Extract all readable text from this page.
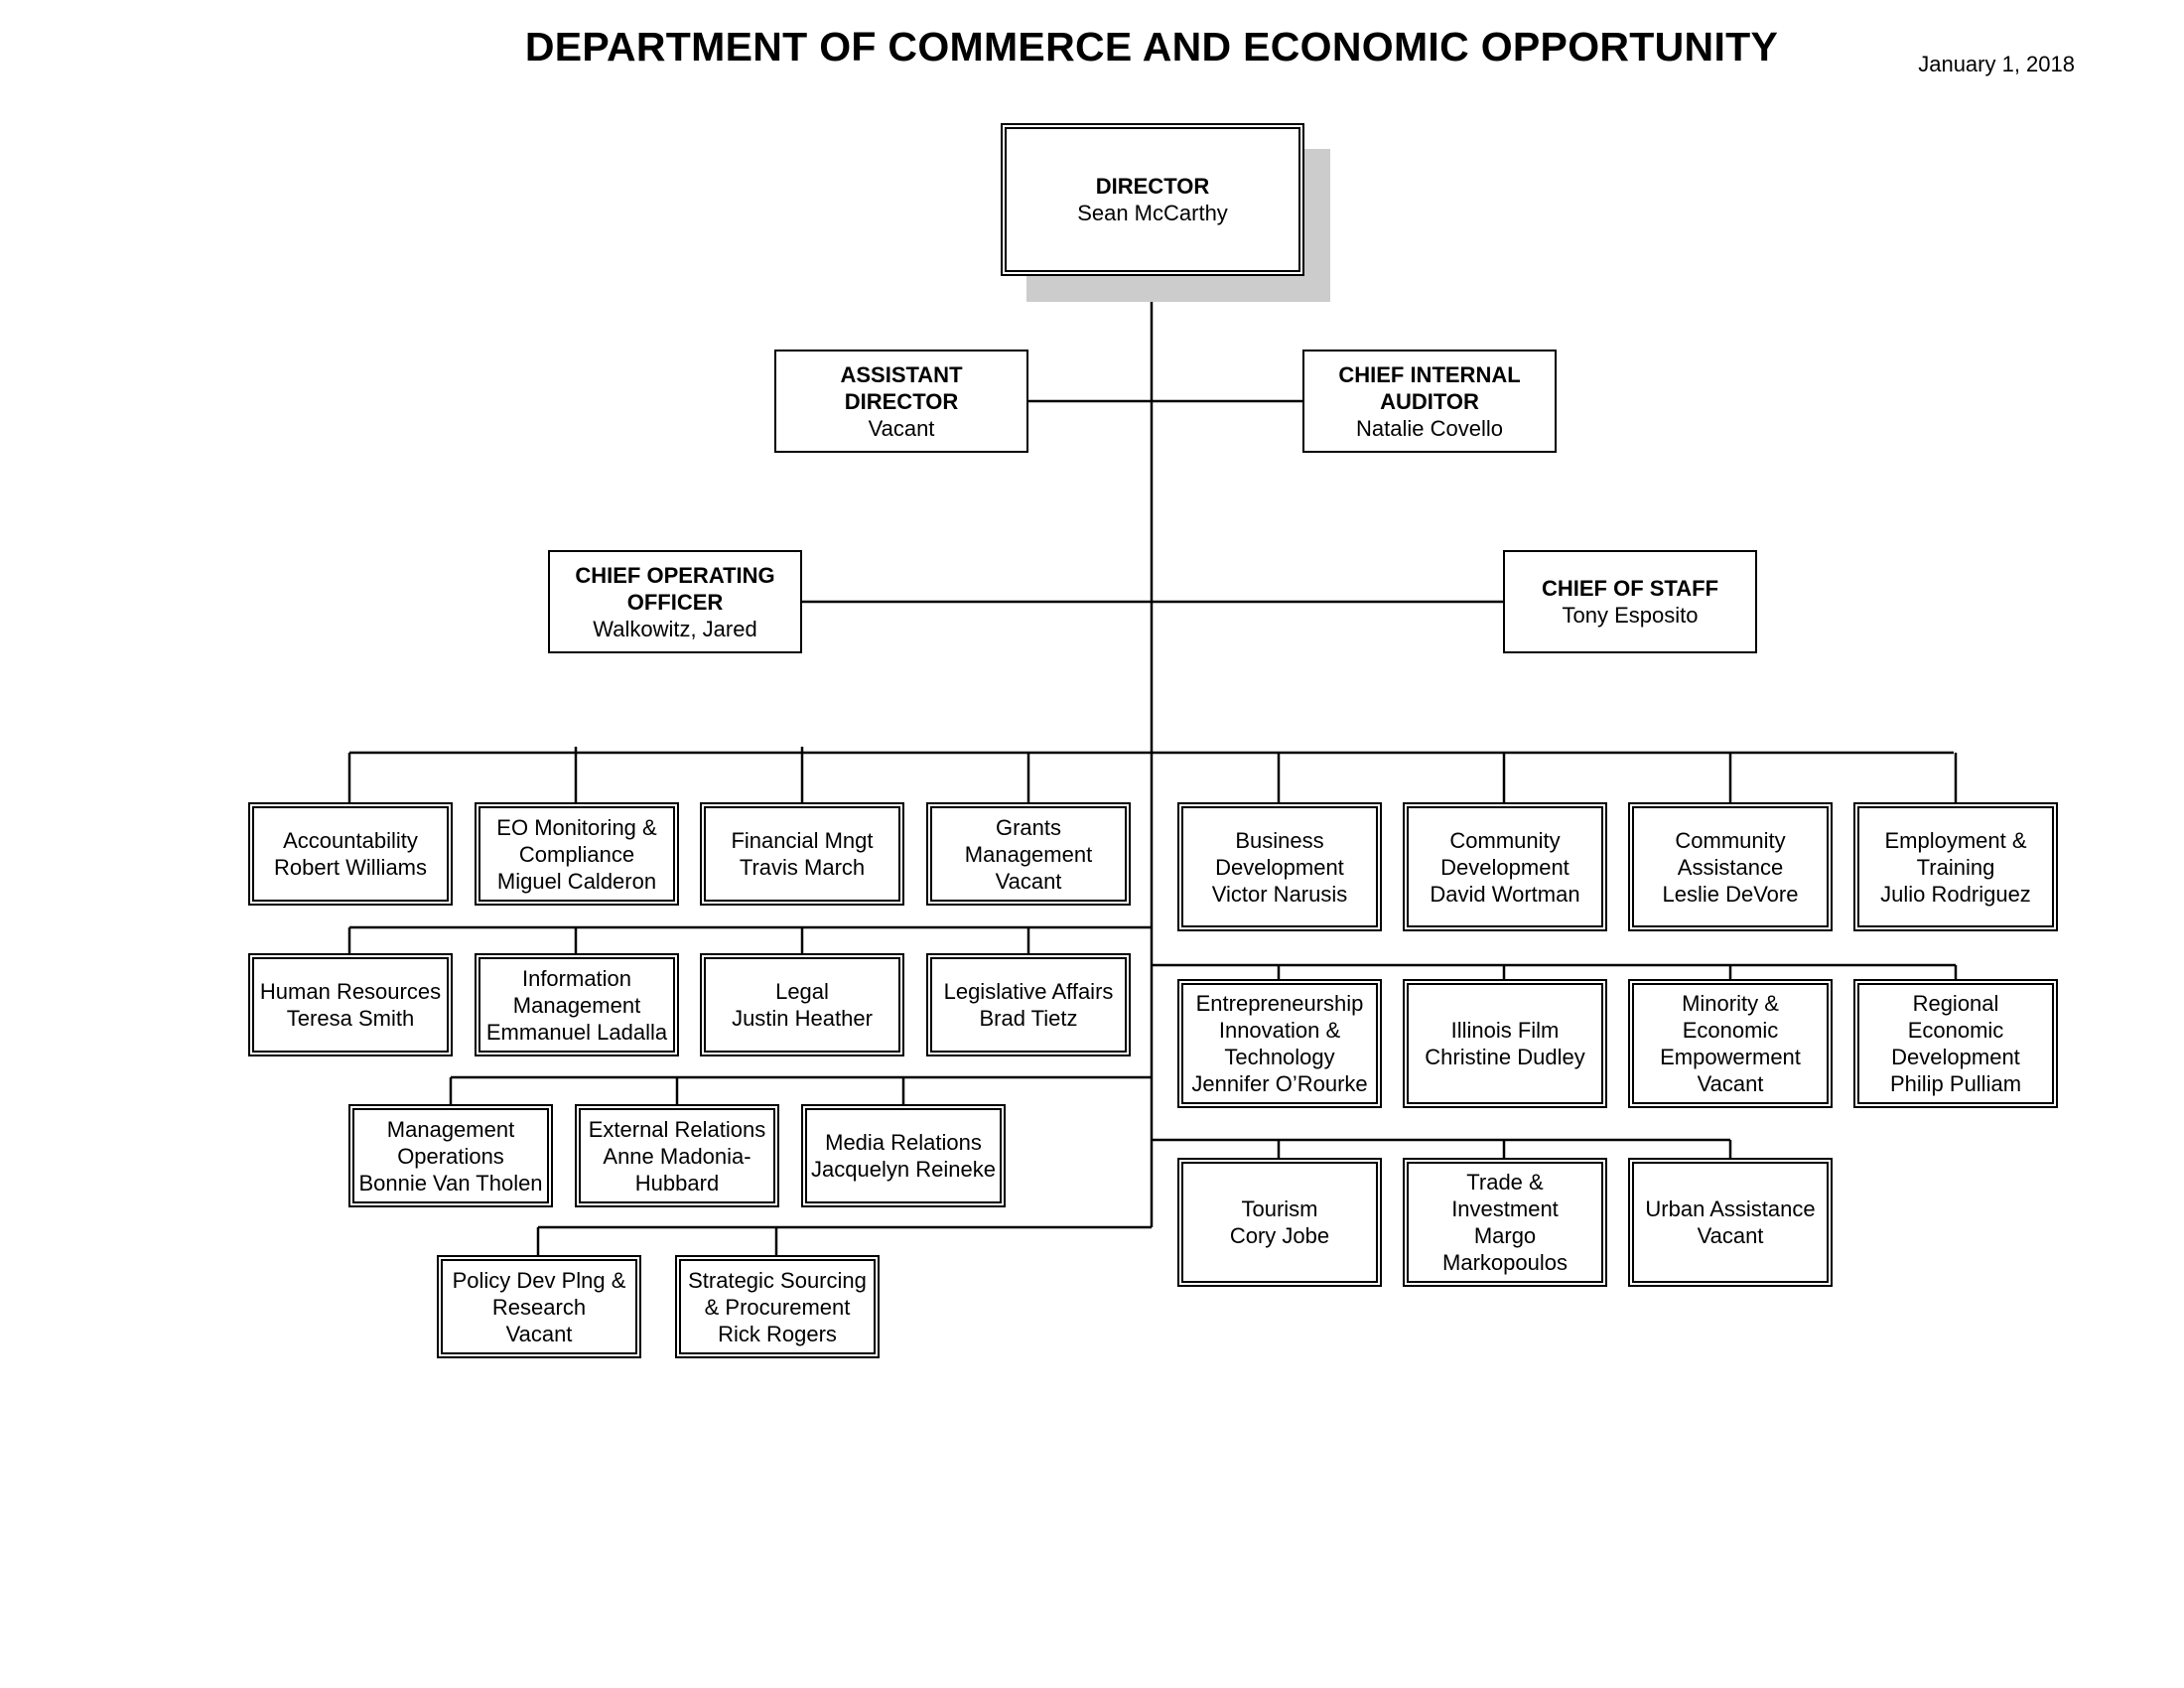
DEPARTMENT OF COMMERCE AND ECONOMIC OPPORTUNITY	January 1, 2018
DIRECTOR
Sean McCarthy
ASSISTANT
DIRECTOR
Vacant
CHIEF INTERNAL
AUDITOR
Natalie Covello
CHIEF OPERATING
OFFICER
Walkowitz, Jared
CHIEF OF STAFF
Tony Esposito
Accountability
Robert Williams
EO Monitoring &
Compliance
Miguel Calderon
Financial Mngt
Travis March
Grants
Management
Vacant
Human Resources
Teresa Smith
Information
Management
Emmanuel Ladalla
Legal
Justin Heather
Legislative Affairs
Brad Tietz
Management
Operations
Bonnie Van Tholen
External Relations
Anne Madonia-
Hubbard
Media Relations
Jacquelyn Reineke
Policy Dev Plng &
Research
Vacant
Strategic Sourcing
& Procurement
Rick Rogers
Business
Development
Victor Narusis
Community
Development
David Wortman
Community
Assistance
Leslie DeVore
Employment &
Training
Julio Rodriguez
Entrepreneurship
Innovation &
Technology
Jennifer O’Rourke
Illinois Film
Christine Dudley
Minority &
Economic
Empowerment
Vacant
Regional
Economic
Development
Philip Pulliam
Tourism
Cory Jobe
Trade &
Investment
Margo
Markopoulos
Urban Assistance
Vacant
